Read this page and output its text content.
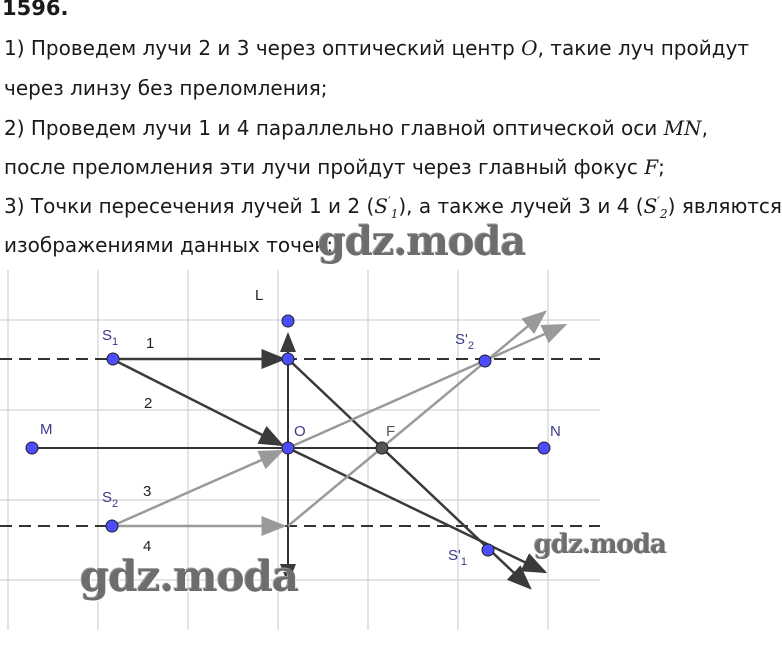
1596.
1) Проведем лучи 2 и 3 через оптический центр O, такие луч пройдут
через линзу без преломления;
2) Проведем лучи 1 и 4 параллельно главной оптической оси MN,
после преломления эти лучи пройдут через главный фокус F;
3) Точки пересечения лучей 1 и 2 $(S'_1)$, а также лучей 3 и 4 $(S'_2)$ являются
изображениями данных точек:
L
$S_1$ 1
2
M	O	F	N
$S'_2$
3
$S_2$
4
$S'_1$
gdz.moda
gdz.moda
gdz.moda
